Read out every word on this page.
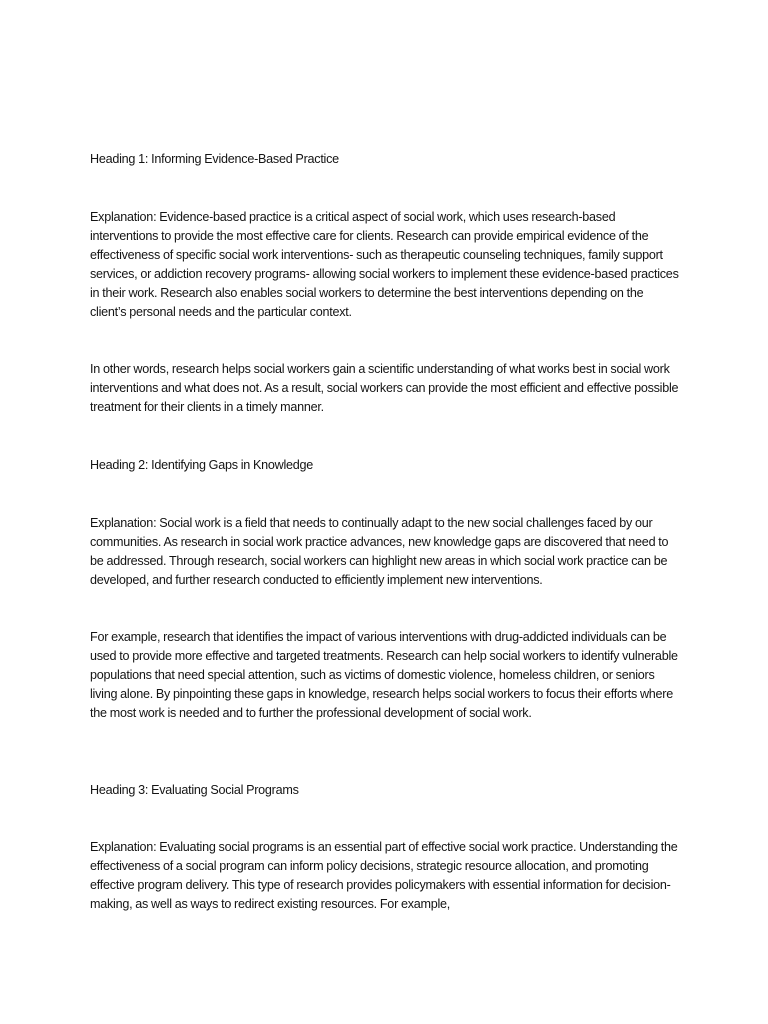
Heading 1: Informing Evidence-Based Practice

Explanation: Evidence-based practice is a critical aspect of social work, which uses research-based interventions to provide the most effective care for clients. Research can provide empirical evidence of the effectiveness of specific social work interventions- such as therapeutic counseling techniques, family support services, or addiction recovery programs- allowing social workers to implement these evidence-based practices in their work. Research also enables social workers to determine the best interventions depending on the client’s personal needs and the particular context.

In other words, research helps social workers gain a scientific understanding of what works best in social work interventions and what does not. As a result, social workers can provide the most efficient and effective possible treatment for their clients in a timely manner.

Heading 2: Identifying Gaps in Knowledge

Explanation: Social work is a field that needs to continually adapt to the new social challenges faced by our communities. As research in social work practice advances, new knowledge gaps are discovered that need to be addressed. Through research, social workers can highlight new areas in which social work practice can be developed, and further research conducted to efficiently implement new interventions.

For example, research that identifies the impact of various interventions with drug-addicted individuals can be used to provide more effective and targeted treatments. Research can help social workers to identify vulnerable populations that need special attention, such as victims of domestic violence, homeless children, or seniors living alone. By pinpointing these gaps in knowledge, research helps social workers to focus their efforts where the most work is needed and to further the professional development of social work.

Heading 3: Evaluating Social Programs

Explanation: Evaluating social programs is an essential part of effective social work practice. Understanding the effectiveness of a social program can inform policy decisions, strategic resource allocation, and promoting effective program delivery. This type of research provides policymakers with essential information for decision-making, as well as ways to redirect existing resources. For example,
